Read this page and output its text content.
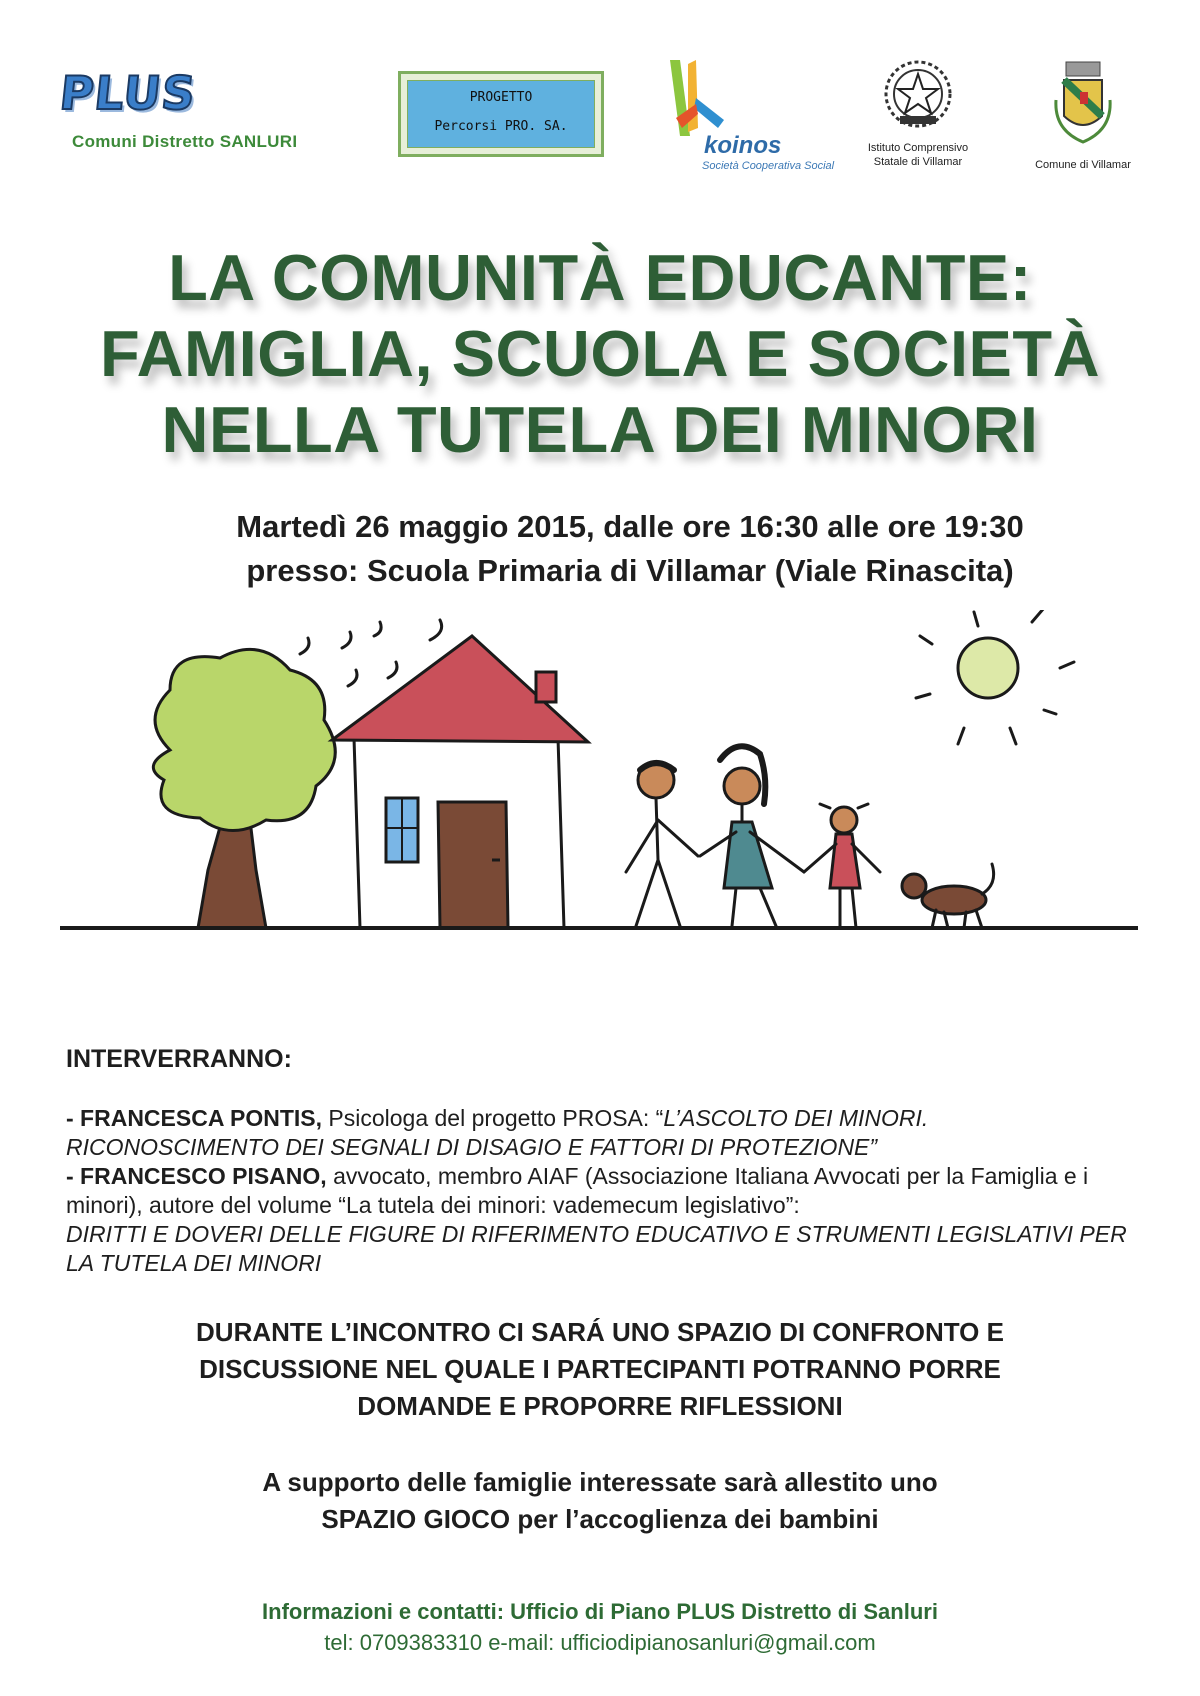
PLUS
Comuni Distretto SANLURI
PROGETTO
Percorsi PRO. SA.
koinos
Società Cooperativa Social
Istituto Comprensivo
Statale di Villamar	Comune di Villamar
LA COMUNITÀ EDUCANTE:
FAMIGLIA, SCUOLA E SOCIETÀ
NELLA TUTELA DEI MINORI
Martedì 26 maggio 2015, dalle ore 16:30 alle ore 19:30
presso: Scuola Primaria di Villamar (Viale Rinascita)
INTERVERRANNO:
- FRANCESCA PONTIS, Psicologa del progetto PROSA: “L’ASCOLTO DEI MINORI. RICONOSCIMENTO DEI SEGNALI DI DISAGIO E FATTORI DI PROTEZIONE”
- FRANCESCO PISANO, avvocato, membro AIAF (Associazione Italiana Avvocati per la Famiglia e i minori), autore del volume “La tutela dei minori: vademecum legislativo”:
DIRITTI E DOVERI DELLE FIGURE DI RIFERIMENTO EDUCATIVO E STRUMENTI LEGISLATIVI PER LA TUTELA DEI MINORI
DURANTE L’INCONTRO CI SARÁ UNO SPAZIO DI CONFRONTO E
DISCUSSIONE NEL QUALE I PARTECIPANTI POTRANNO PORRE
DOMANDE E PROPORRE RIFLESSIONI
A supporto delle famiglie interessate sarà allestito uno
SPAZIO GIOCO per l’accoglienza dei bambini
Informazioni e contatti: Ufficio di Piano PLUS Distretto di Sanluri
tel: 0709383310 e-mail: ufficiodipianosanluri@gmail.com
